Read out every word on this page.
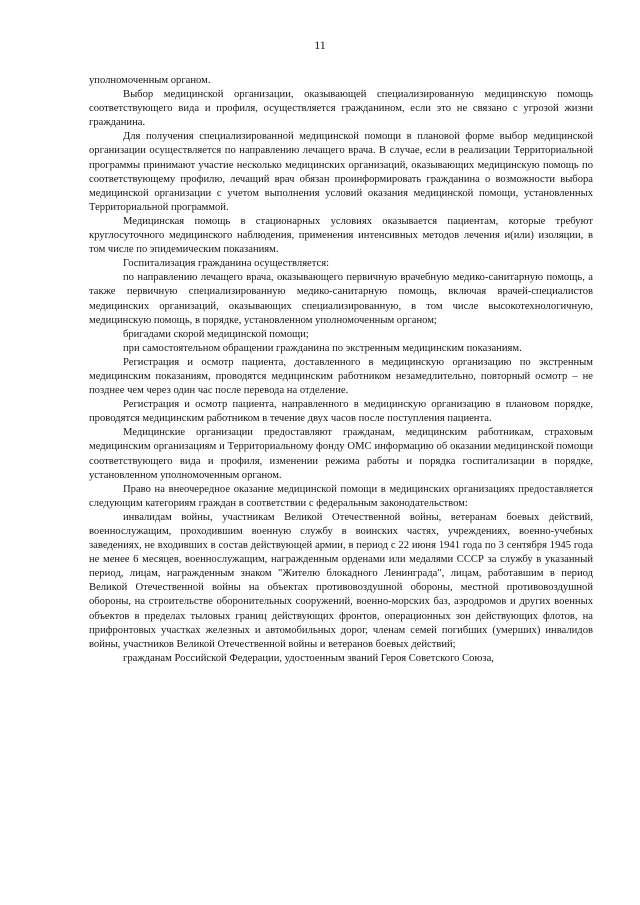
11

уполномоченным органом.

Выбор медицинской организации, оказывающей специализированную медицинскую помощь соответствующего вида и профиля, осуществляется гражданином, если это не связано с угрозой жизни гражданина.

Для получения специализированной медицинской помощи в плановой форме выбор медицинской организации осуществляется по направлению лечащего врача. В случае, если в реализации Территориальной программы принимают участие несколько медицинских организаций, оказывающих медицинскую помощь по соответствующему профилю, лечащий врач обязан проинформировать гражданина о возможности выбора медицинской организации с учетом выполнения условий оказания медицинской помощи, установленных Территориальной программой.

Медицинская помощь в стационарных условиях оказывается пациентам, которые требуют круглосуточного медицинского наблюдения, применения интенсивных методов лечения и(или) изоляции, в том числе по эпидемическим показаниям.

Госпитализация гражданина осуществляется:

по направлению лечащего врача, оказывающего первичную врачебную медико-санитарную помощь, а также первичную специализированную медико-санитарную помощь, включая врачей-специалистов медицинских организаций, оказывающих специализированную, в том числе высокотехнологичную, медицинскую помощь, в порядке, установленном уполномоченным органом;

бригадами скорой медицинской помощи;

при самостоятельном обращении гражданина по экстренным медицинским показаниям.

Регистрация и осмотр пациента, доставленного в медицинскую организацию по экстренным медицинским показаниям, проводятся медицинским работником незамедлительно, повторный осмотр – не позднее чем через один час после перевода на отделение.

Регистрация и осмотр пациента, направленного в медицинскую организацию в плановом порядке, проводятся медицинским работником в течение двух часов после поступления пациента.

Медицинские организации предоставляют гражданам, медицинским работникам, страховым медицинским организациям и Территориальному фонду ОМС информацию об оказании медицинской помощи соответствующего вида и профиля, изменении режима работы и порядка госпитализации в порядке, установленном уполномоченным органом.

Право на внеочередное оказание медицинской помощи в медицинских организациях предоставляется следующим категориям граждан в соответствии с федеральным законодательством:

инвалидам войны, участникам Великой Отечественной войны, ветеранам боевых действий, военнослужащим, проходившим военную службу в воинских частях, учреждениях, военно-учебных заведениях, не входивших в состав действующей армии, в период с 22 июня 1941 года по 3 сентября 1945 года не менее 6 месяцев, военнослужащим, награжденным орденами или медалями СССР за службу в указанный период, лицам, награжденным знаком "Жителю блокадного Ленинграда", лицам, работавшим в период Великой Отечественной войны на объектах противовоздушной обороны, местной противовоздушной обороны, на строительстве оборонительных сооружений, военно-морских баз, аэродромов и других военных объектов в пределах тыловых границ действующих фронтов, операционных зон действующих флотов, на прифронтовых участках железных и автомобильных дорог, членам семей погибших (умерших) инвалидов войны, участников Великой Отечественной войны и ветеранов боевых действий;

гражданам Российской Федерации, удостоенным званий Героя Советского Союза,
